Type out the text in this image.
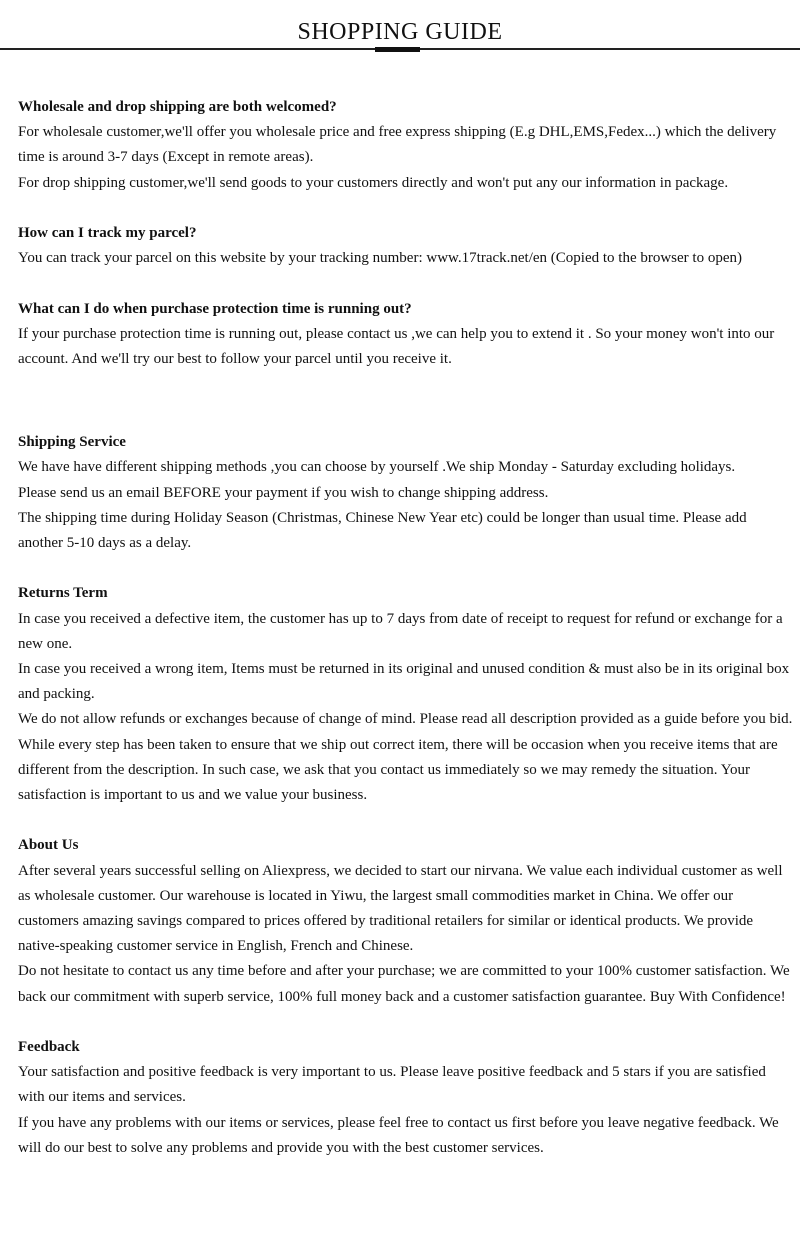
SHOPPING GUIDE
Wholesale and drop shipping are both welcomed?
For wholesale customer,we'll offer you wholesale price and free express shipping (E.g DHL,EMS,Fedex...) which the delivery time is around 3-7 days (Except in remote areas).
For drop shipping customer,we'll send goods to your customers directly and won't put any our information in package.
How can I track my parcel?
You can track your parcel on this website by your tracking number: www.17track.net/en (Copied to the browser to open)
What can I do when purchase protection time is running out?
If your purchase protection time is running out, please contact us ,we can help you to extend it . So your money won't into our account. And we'll try our best to follow your parcel until you receive it.
Shipping Service
We have have different shipping methods ,you can choose by yourself .We ship Monday - Saturday excluding holidays.
Please send us an email BEFORE your payment if you wish to change shipping address.
The shipping time during Holiday Season (Christmas, Chinese New Year etc) could be longer than usual time. Please add another 5-10 days as a delay.
Returns Term
In case you received a defective item, the customer has up to 7 days from date of receipt to request for refund or exchange for a new one.
In case you received a wrong item, Items must be returned in its original and unused condition & must also be in its original box and packing.
We do not allow refunds or exchanges because of change of mind. Please read all description provided as a guide before you bid.
While every step has been taken to ensure that we ship out correct item, there will be occasion when you receive items that are different from the description. In such case, we ask that you contact us immediately so we may remedy the situation. Your satisfaction is important to us and we value your business.
About Us
After several years successful selling on Aliexpress, we decided to start our nirvana. We value each individual customer as well as wholesale customer. Our warehouse is located in Yiwu, the largest small commodities market in China. We offer our customers amazing savings compared to prices offered by traditional retailers for similar or identical products. We provide native-speaking customer service in English, French and Chinese.
Do not hesitate to contact us any time before and after your purchase; we are committed to your 100% customer satisfaction. We back our commitment with superb service, 100% full money back and a customer satisfaction guarantee. Buy With Confidence!
Feedback
Your satisfaction and positive feedback is very important to us. Please leave positive feedback and 5 stars if you are satisfied with our items and services.
If you have any problems with our items or services, please feel free to contact us first before you leave negative feedback. We will do our best to solve any problems and provide you with the best customer services.
